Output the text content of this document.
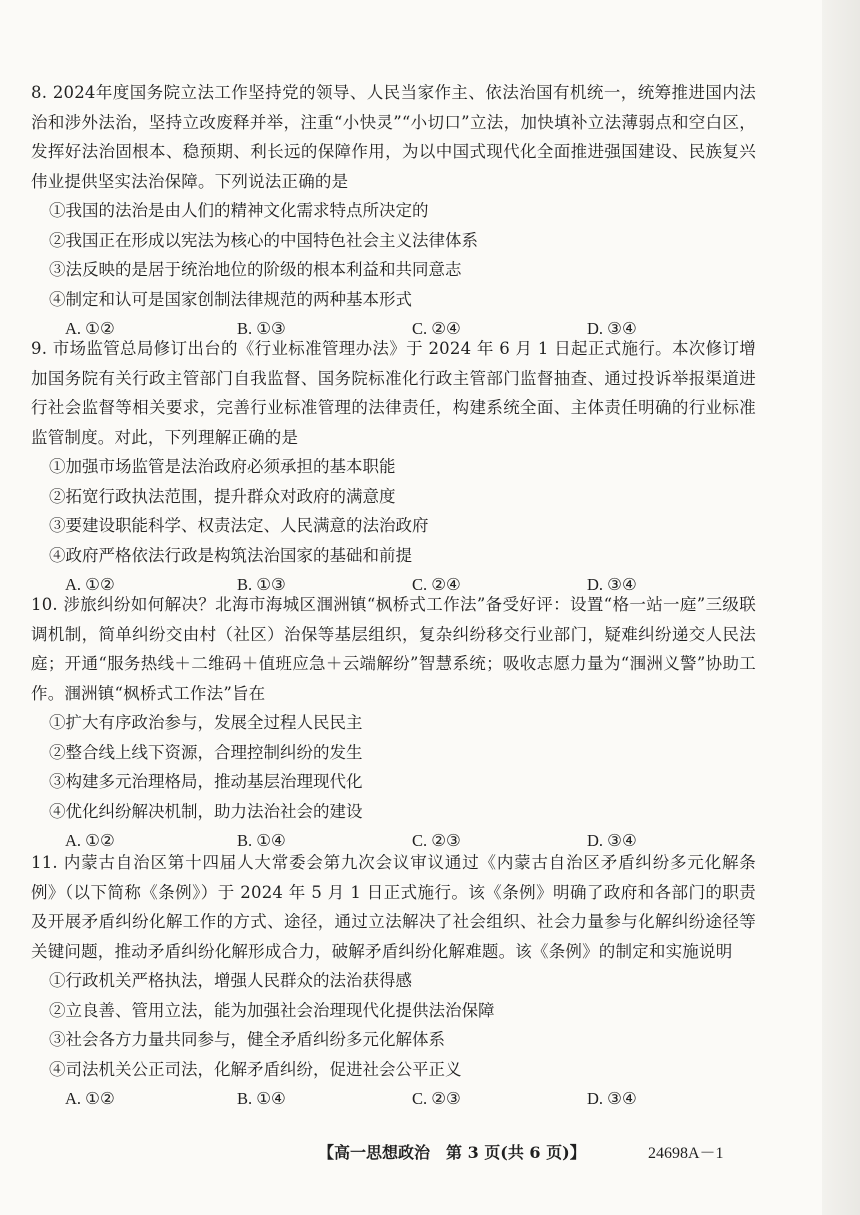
8. 2024年度国务院立法工作坚持党的领导、人民当家作主、依法治国有机统一，统筹推进国内法治和涉外法治，坚持立改废释并举，注重“小快灵”“小切口”立法，加快填补立法薄弱点和空白区，发挥好法治固根本、稳预期、利长远的保障作用，为以中国式现代化全面推进强国建设、民族复兴伟业提供坚实法治保障。下列说法正确的是

①我国的法治是由人们的精神文化需求特点所决定的

②我国正在形成以宪法为核心的中国特色社会主义法律体系

③法反映的是居于统治地位的阶级的根本利益和共同意志

④制定和认可是国家创制法律规范的两种基本形式

A. ①②	B. ①③	C. ②④	D. ③④

9. 市场监管总局修订出台的《行业标准管理办法》于 2024 年 6 月 1 日起正式施行。本次修订增加国务院有关行政主管部门自我监督、国务院标准化行政主管部门监督抽查、通过投诉举报渠道进行社会监督等相关要求，完善行业标准管理的法律责任，构建系统全面、主体责任明确的行业标准监管制度。对此，下列理解正确的是

①加强市场监管是法治政府必须承担的基本职能

②拓宽行政执法范围，提升群众对政府的满意度

③要建设职能科学、权责法定、人民满意的法治政府

④政府严格依法行政是构筑法治国家的基础和前提

A. ①②	B. ①③	C. ②④	D. ③④

10. 涉旅纠纷如何解决？北海市海城区涠洲镇“枫桥式工作法”备受好评：设置“格一站一庭”三级联调机制，简单纠纷交由村（社区）治保等基层组织，复杂纠纷移交行业部门，疑难纠纷递交人民法庭；开通“服务热线＋二维码＋值班应急＋云端解纷”智慧系统；吸收志愿力量为“涠洲义警”协助工作。涠洲镇“枫桥式工作法”旨在

①扩大有序政治参与，发展全过程人民民主

②整合线上线下资源，合理控制纠纷的发生

③构建多元治理格局，推动基层治理现代化

④优化纠纷解决机制，助力法治社会的建设

A. ①②	B. ①④	C. ②③	D. ③④

11. 内蒙古自治区第十四届人大常委会第九次会议审议通过《内蒙古自治区矛盾纠纷多元化解条例》（以下简称《条例》）于 2024 年 5 月 1 日正式施行。该《条例》明确了政府和各部门的职责及开展矛盾纠纷化解工作的方式、途径，通过立法解决了社会组织、社会力量参与化解纠纷途径等关键问题，推动矛盾纠纷化解形成合力，破解矛盾纠纷化解难题。该《条例》的制定和实施说明

①行政机关严格执法，增强人民群众的法治获得感

②立良善、管用立法，能为加强社会治理现代化提供法治保障

③社会各方力量共同参与，健全矛盾纠纷多元化解体系

④司法机关公正司法，化解矛盾纠纷，促进社会公平正义

A. ①②	B. ①④	C. ②③	D. ③④
【高一思想政治　第 3 页(共 6 页)】	24698A－1
